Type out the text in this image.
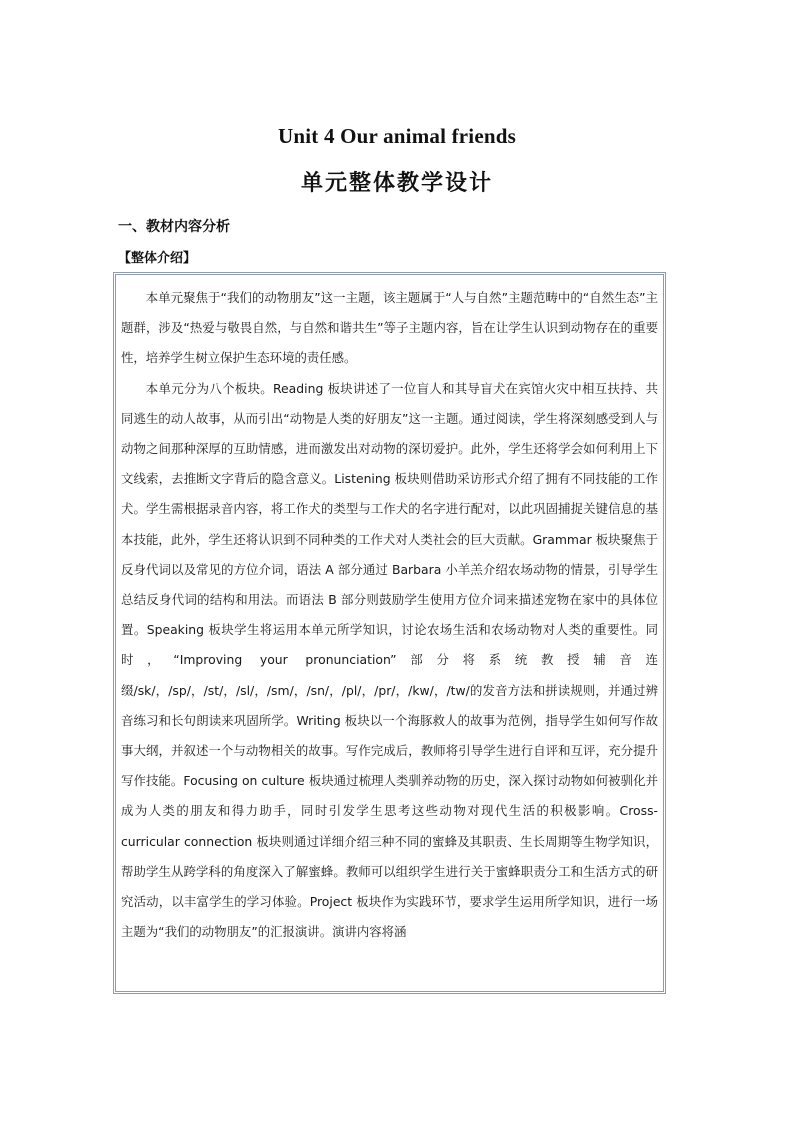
Unit 4 Our animal friends
单元整体教学设计
一、教材内容分析
【整体介绍】

本单元聚焦于“我们的动物朋友”这一主题，该主题属于“人与自然”主题范畴中的“自然生态”主题群，涉及“热爱与敬畏自然，与自然和谐共生”等子主题内容，旨在让学生认识到动物存在的重要性，培养学生树立保护生态环境的责任感。

本单元分为八个板块。Reading 板块讲述了一位盲人和其导盲犬在宾馆火灾中相互扶持、共同逃生的动人故事，从而引出“动物是人类的好朋友”这一主题。通过阅读，学生将深刻感受到人与动物之间那种深厚的互助情感，进而激发出对动物的深切爱护。此外，学生还将学会如何利用上下文线索，去推断文字背后的隐含意义。Listening 板块则借助采访形式介绍了拥有不同技能的工作犬。学生需根据录音内容，将工作犬的类型与工作犬的名字进行配对，以此巩固捕捉关键信息的基本技能，此外，学生还将认识到不同种类的工作犬对人类社会的巨大贡献。Grammar 板块聚焦于反身代词以及常见的方位介词，语法 A 部分通过 Barbara 小羊羔介绍农场动物的情景，引导学生总结反身代词的结构和用法。而语法 B 部分则鼓励学生使用方位介词来描述宠物在家中的具体位置。Speaking 板块学生将运用本单元所学知识，讨论农场生活和农场动物对人类的重要性。同时，“Improving your pronunciation”部分将系统教授辅音连缀/sk/，/sp/，/st/，/sl/，/sm/，/sn/，/pl/，/pr/，/kw/，/tw/的发音方法和拼读规则，并通过辨音练习和长句朗读来巩固所学。Writing 板块以一个海豚救人的故事为范例，指导学生如何写作故事大纲，并叙述一个与动物相关的故事。写作完成后，教师将引导学生进行自评和互评，充分提升写作技能。Focusing on culture 板块通过梳理人类驯养动物的历史，深入探讨动物如何被驯化并成为人类的朋友和得力助手，同时引发学生思考这些动物对现代生活的积极影响。Cross-curricular connection 板块则通过详细介绍三种不同的蜜蜂及其职责、生长周期等生物学知识，帮助学生从跨学科的角度深入了解蜜蜂。教师可以组织学生进行关于蜜蜂职责分工和生活方式的研究活动，以丰富学生的学习体验。Project 板块作为实践环节，要求学生运用所学知识，进行一场主题为“我们的动物朋友”的汇报演讲。演讲内容将涵
